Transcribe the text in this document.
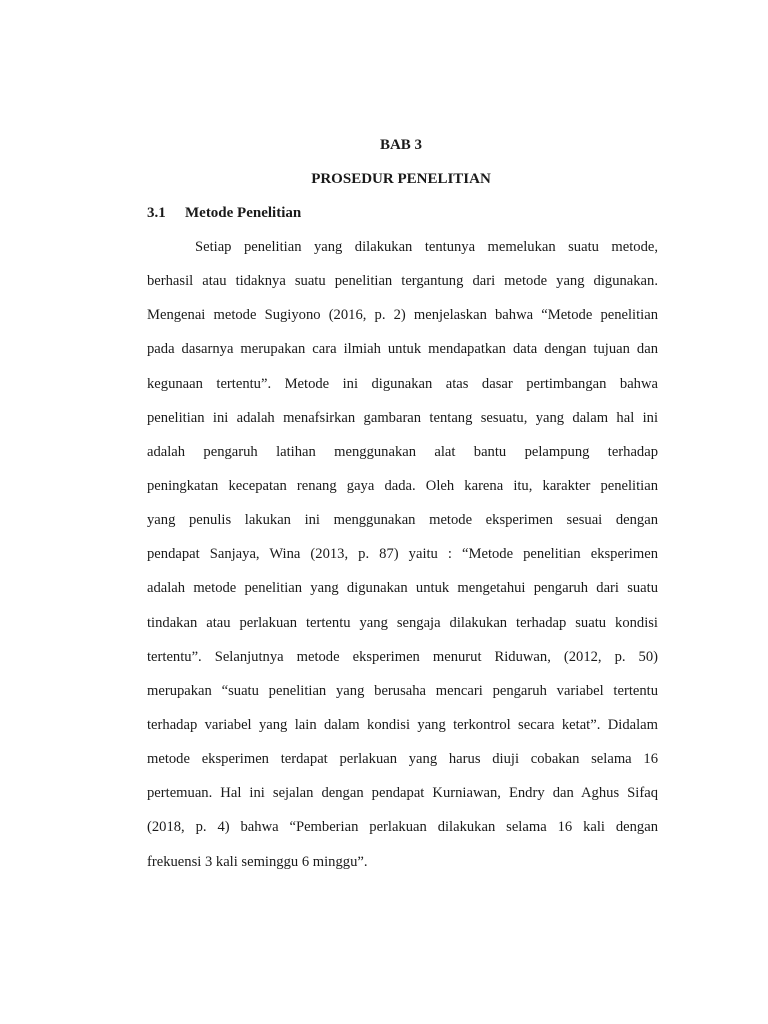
BAB 3
PROSEDUR PENELITIAN
3.1 Metode Penelitian
Setiap penelitian yang dilakukan tentunya memelukan suatu metode,
berhasil atau tidaknya suatu penelitian tergantung dari metode yang digunakan.
Mengenai metode Sugiyono (2016, p. 2) menjelaskan bahwa “Metode penelitian
pada dasarnya merupakan cara ilmiah untuk mendapatkan data dengan tujuan dan
kegunaan tertentu”. Metode ini digunakan atas dasar pertimbangan bahwa
penelitian ini adalah menafsirkan gambaran tentang sesuatu, yang dalam hal ini
adalah pengaruh latihan menggunakan alat bantu pelampung terhadap
peningkatan kecepatan renang gaya dada. Oleh karena itu, karakter penelitian
yang penulis lakukan ini menggunakan metode eksperimen sesuai dengan
pendapat Sanjaya, Wina (2013, p. 87) yaitu : “Metode penelitian eksperimen
adalah metode penelitian yang digunakan untuk mengetahui pengaruh dari suatu
tindakan atau perlakuan tertentu yang sengaja dilakukan terhadap suatu kondisi
tertentu”. Selanjutnya metode eksperimen menurut Riduwan, (2012, p. 50)
merupakan “suatu penelitian yang berusaha mencari pengaruh variabel tertentu
terhadap variabel yang lain dalam kondisi yang terkontrol secara ketat”. Didalam
metode eksperimen terdapat perlakuan yang harus diuji cobakan selama 16
pertemuan. Hal ini sejalan dengan pendapat Kurniawan, Endry dan Aghus Sifaq
(2018, p. 4) bahwa “Pemberian perlakuan dilakukan selama 16 kali dengan
frekuensi 3 kali seminggu 6 minggu”.
